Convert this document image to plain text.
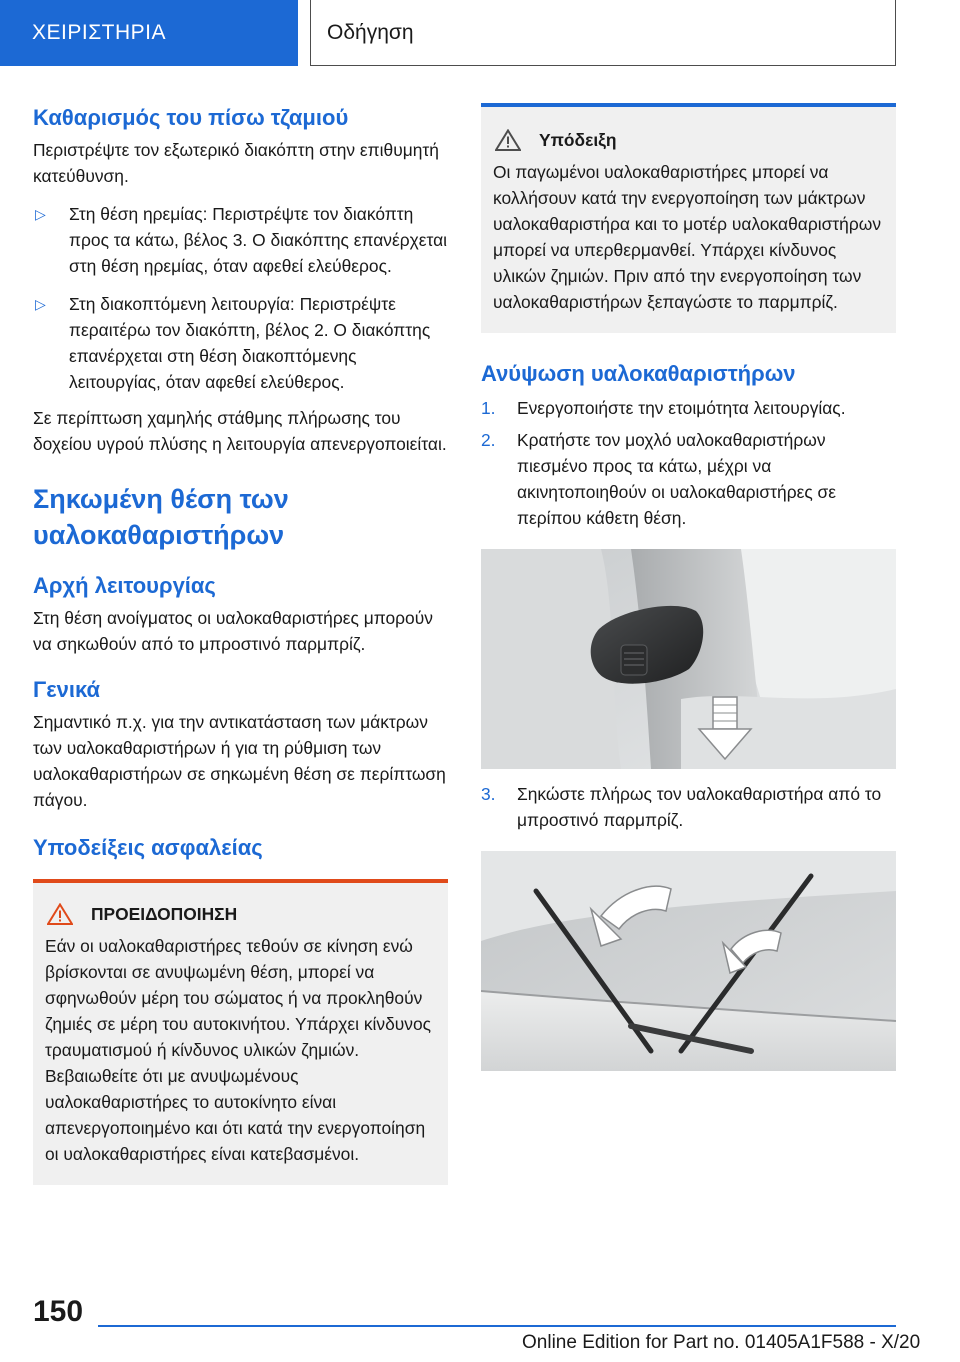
ΧΕΙΡΙΣΤΗΡΙΑ	Οδήγηση
Καθαρισμός του πίσω τζαμιού

Περιστρέψτε τον εξωτερικό διακόπτη στην επιθυμητή κατεύθυνση.

▷ Στη θέση ηρεμίας: Περιστρέψτε τον διακόπτη προς τα κάτω, βέλος 3. Ο διακόπτης επανέρχεται στη θέση ηρεμίας, όταν αφεθεί ελεύθερος.
▷ Στη διακοπτόμενη λειτουργία: Περιστρέψτε περαιτέρω τον διακόπτη, βέλος 2. Ο διακόπτης επανέρχεται στη θέση διακοπτόμενης λειτουργίας, όταν αφεθεί ελεύθερος.

Σε περίπτωση χαμηλής στάθμης πλήρωσης του δοχείου υγρού πλύσης η λειτουργία απενεργοποιείται.

Σηκωμένη θέση των υαλοκαθαριστήρων
Αρχή λειτουργίας

Στη θέση ανοίγματος οι υαλοκαθαριστήρες μπορούν να σηκωθούν από το μπροστινό παρμπρίζ.

Γενικά

Σημαντικό π.χ. για την αντικατάσταση των μάκτρων των υαλοκαθαριστήρων ή για τη ρύθμιση των υαλοκαθαριστήρων σε σηκωμένη θέση σε περίπτωση πάγου.

Υποδείξεις ασφαλείας
ΠΡΟΕΙΔΟΠΟΙΗΣΗ

Εάν οι υαλοκαθαριστήρες τεθούν σε κίνηση ενώ βρίσκονται σε ανυψωμένη θέση, μπορεί να σφηνωθούν μέρη του σώματος ή να προκληθούν ζημιές σε μέρη του αυτοκινήτου. Υπάρχει κίνδυνος τραυματισμού ή κίνδυνος υλικών ζημιών. Βεβαιωθείτε ότι με ανυψωμένους υαλοκαθαριστήρες το αυτοκίνητο είναι απενεργοποιημένο και ότι κατά την ενεργοποίηση οι υαλοκαθαριστήρες είναι κατεβασμένοι.

Υπόδειξη

Οι παγωμένοι υαλοκαθαριστήρες μπορεί να κολλήσουν κατά την ενεργοποίηση των μάκτρων υαλοκαθαριστήρα και το μοτέρ υαλοκαθαριστήρων μπορεί να υπερθερμανθεί. Υπάρχει κίνδυνος υλικών ζημιών. Πριν από την ενεργοποίηση των υαλοκαθαριστήρων ξεπαγώστε το παρμπρίζ.

Ανύψωση υαλοκαθαριστήρων
1. Ενεργοποιήστε την ετοιμότητα λειτουργίας.
2. Κρατήστε τον μοχλό υαλοκαθαριστήρων πιεσμένο προς τα κάτω, μέχρι να ακινητοποιηθούν οι υαλοκαθαριστήρες σε περίπου κάθετη θέση.
3. Σηκώστε πλήρως τον υαλοκαθαριστήρα από το μπροστινό παρμπρίζ.
150
Online Edition for Part no. 01405A1F588 - X/20
